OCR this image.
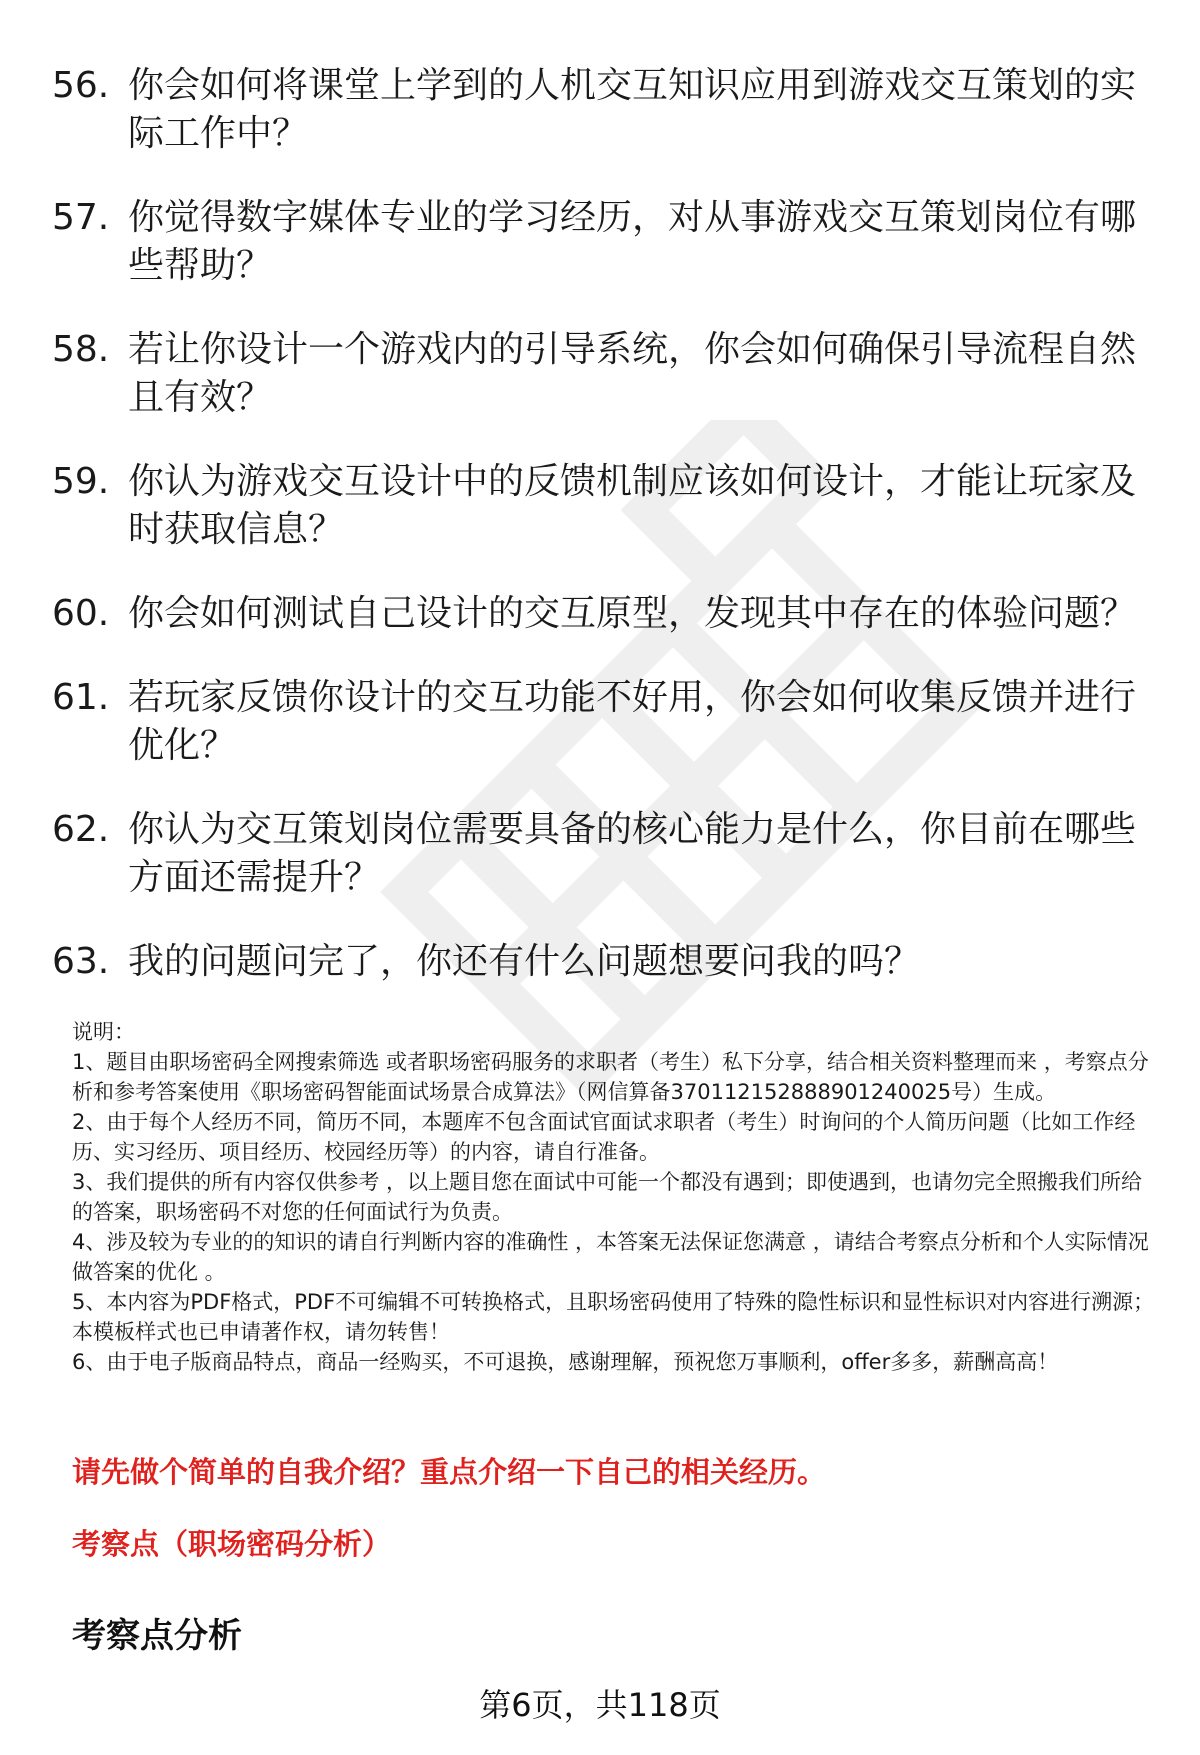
56. 你会如何将课堂上学到的人机交互知识应用到游戏交互策划的实际工作中？
57. 你觉得数字媒体专业的学习经历，对从事游戏交互策划岗位有哪些帮助？
58. 若让你设计一个游戏内的引导系统，你会如何确保引导流程自然且有效？
59. 你认为游戏交互设计中的反馈机制应该如何设计，才能让玩家及时获取信息？
60. 你会如何测试自己设计的交互原型，发现其中存在的体验问题？
61. 若玩家反馈你设计的交互功能不好用，你会如何收集反馈并进行优化？
62. 你认为交互策划岗位需要具备的核心能力是什么，你目前在哪些方面还需提升？
63. 我的问题问完了，你还有什么问题想要问我的吗？

说明：

1、题目由职场密码全网搜索筛选 或者职场密码服务的求职者（考生）私下分享，结合相关资料整理而来 ，考察点分析和参考答案使用《职场密码智能面试场景合成算法》（网信算备370112152888901240025号）生成。

2、由于每个人经历不同，简历不同，本题库不包含面试官面试求职者（考生）时询问的个人简历问题（比如工作经历、实习经历、项目经历、校园经历等）的内容，请自行准备。

3、我们提供的所有内容仅供参考 ，以上题目您在面试中可能一个都没有遇到；即使遇到，也请勿完全照搬我们所给的答案，职场密码不对您的任何面试行为负责。

4、涉及较为专业的的知识的请自行判断内容的准确性 ，本答案无法保证您满意 ，请结合考察点分析和个人实际情况做答案的优化 。

5、本内容为PDF格式，PDF不可编辑不可转换格式，且职场密码使用了特殊的隐性标识和显性标识对内容进行溯源；本模板样式也已申请著作权，请勿转售！

6、由于电子版商品特点，商品一经购买，不可退换，感谢理解，预祝您万事顺利，offer多多，薪酬高高！

请先做个简单的自我介绍？重点介绍一下自己的相关经历。

考察点（职场密码分析）

考察点分析

第6页，共118页
